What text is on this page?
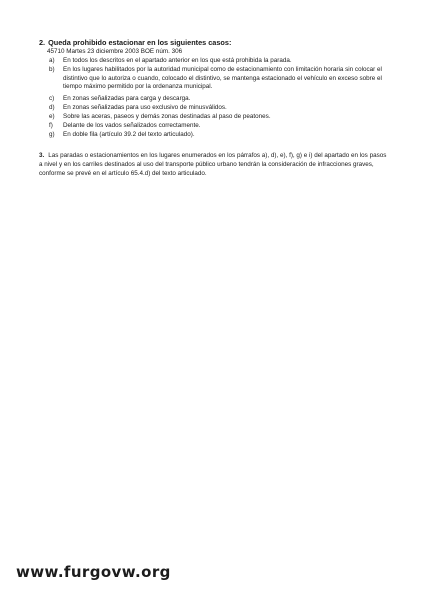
2. Queda prohibido estacionar en los siguientes casos:
45710 Martes 23 diciembre 2003 BOE núm. 306
a)	En todos los descritos en el apartado anterior en los que está prohibida la parada.
b)	En los lugares habilitados por la autoridad municipal como de estacionamiento con limitación horaria sin colocar el distintivo que lo autoriza o cuando, colocado el distintivo, se mantenga estacionado el vehículo en exceso sobre el tiempo máximo permitido por la ordenanza municipal.
c)	En zonas señalizadas para carga y descarga.
d)	En zonas señalizadas para uso exclusivo de minusválidos.
e)	Sobre las aceras, paseos y demás zonas destinadas al paso de peatones.
f)	Delante de los vados señalizados correctamente.
g)	En doble fila (artículo 39.2 del texto articulado).
3. Las paradas o estacionamientos en los lugares enumerados en los párrafos a), d), e), f), g) e i) del apartado en los pasos a nivel y en los carriles destinados al uso del transporte público urbano tendrán la consideración de infracciones graves, conforme se prevé en el artículo 65.4.d) del texto articulado.
www.furgovw.org
